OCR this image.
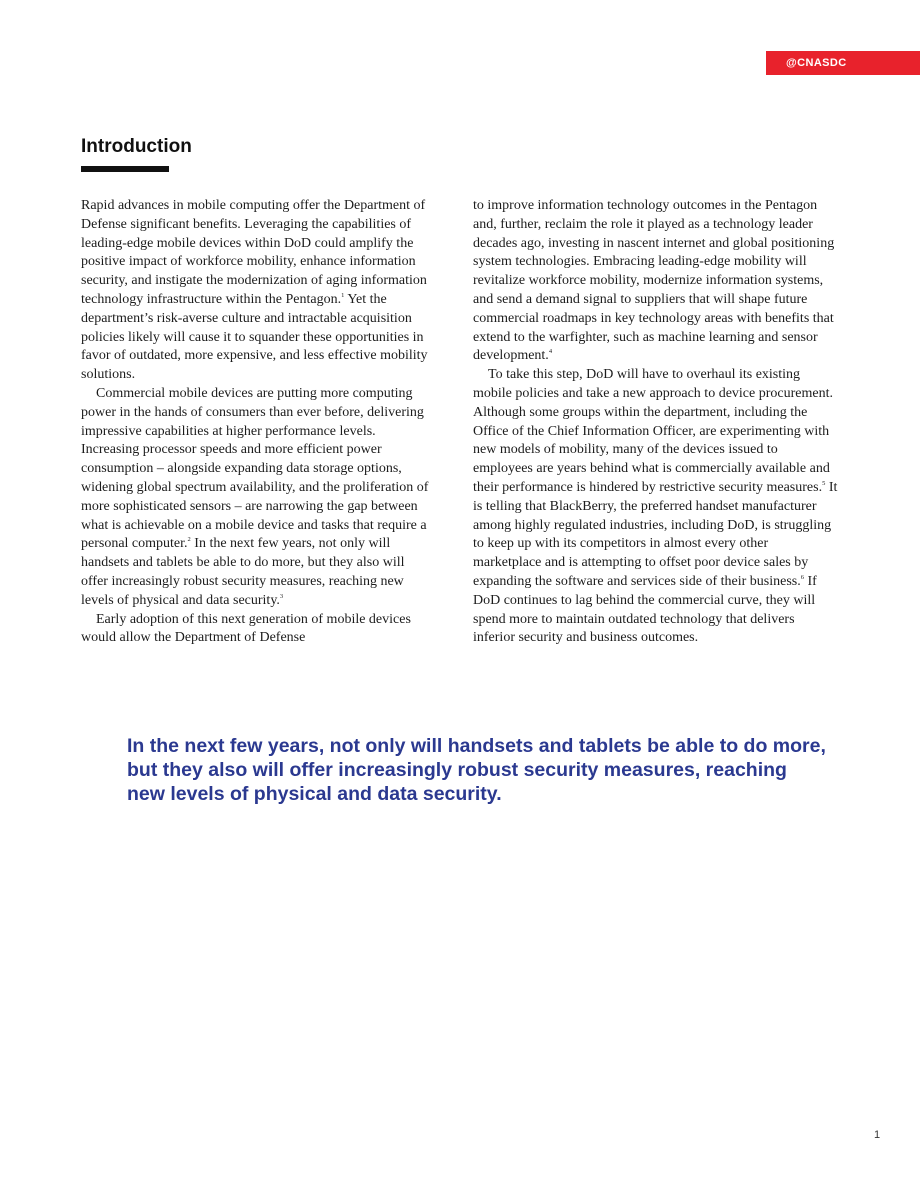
@CNASDC
Introduction

Rapid advances in mobile computing offer the Department of Defense significant benefits. Leveraging the capabilities of leading-edge mobile devices within DoD could amplify the positive impact of workforce mobility, enhance information security, and instigate the modernization of aging information technology infrastructure within the Pentagon.$^1$ Yet the department’s risk-averse culture and intractable acquisition policies likely will cause it to squander these opportunities in favor of outdated, more expensive, and less effective mobility solutions.

Commercial mobile devices are putting more computing power in the hands of consumers than ever before, delivering impressive capabilities at higher performance levels. Increasing processor speeds and more efficient power consumption – alongside expanding data storage options, widening global spectrum availability, and the proliferation of more sophisticated sensors – are narrowing the gap between what is achievable on a mobile device and tasks that require a personal computer.$^2$ In the next few years, not only will handsets and tablets be able to do more, but they also will offer increasingly robust security measures, reaching new levels of physical and data security.$^3$

Early adoption of this next generation of mobile devices would allow the Department of Defense

to improve information technology outcomes in the Pentagon and, further, reclaim the role it played as a technology leader decades ago, investing in nascent internet and global positioning system technologies. Embracing leading-edge mobility will revitalize workforce mobility, modernize information systems, and send a demand signal to suppliers that will shape future commercial roadmaps in key technology areas with benefits that extend to the warfighter, such as machine learning and sensor development.$^4$

To take this step, DoD will have to overhaul its existing mobile policies and take a new approach to device procurement. Although some groups within the department, including the Office of the Chief Information Officer, are experimenting with new models of mobility, many of the devices issued to employees are years behind what is commercially available and their performance is hindered by restrictive security measures.$^5$ It is telling that BlackBerry, the preferred handset manufacturer among highly regulated industries, including DoD, is struggling to keep up with its competitors in almost every other marketplace and is attempting to offset poor device sales by expanding the software and services side of their business.$^6$ If DoD continues to lag behind the commercial curve, they will spend more to maintain outdated technology that delivers inferior security and business outcomes.

In the next few years, not only will handsets and tablets be able to do more, but they also will offer increasingly robust security measures, reaching new levels of physical and data security.

1
